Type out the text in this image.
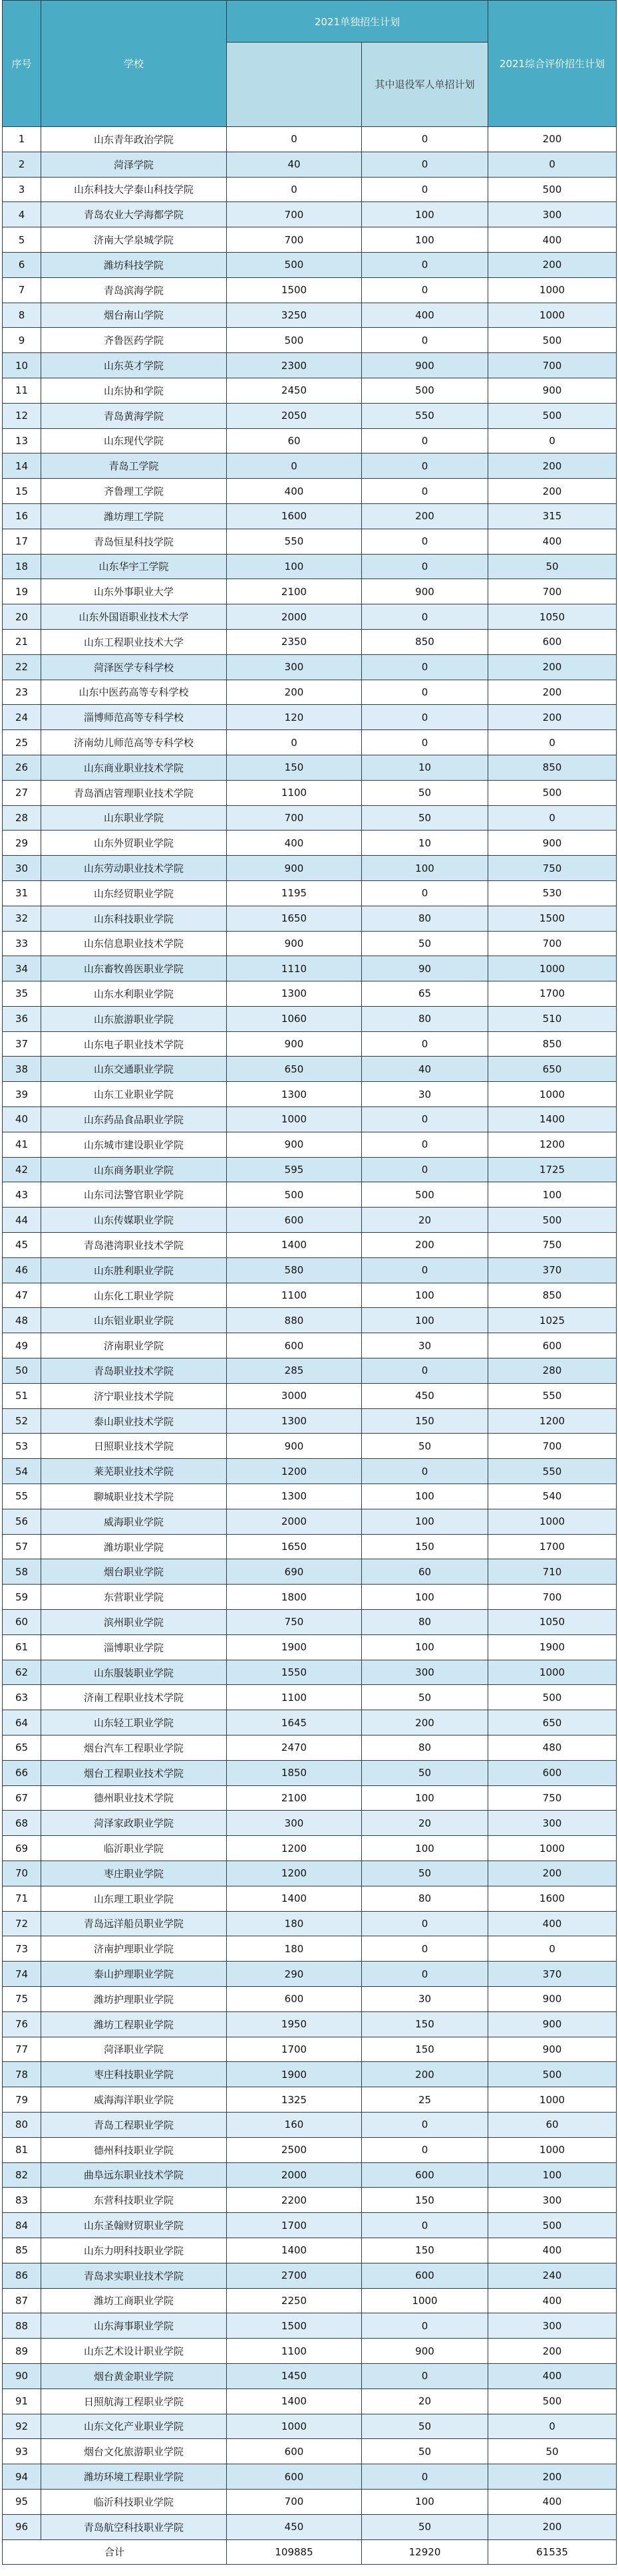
序号	学校	2021单独招生计划		2021综合评价招生计划
			其中退役军人单招计划	
1	山东青年政治学院	0	0	200
2	菏泽学院	40	0	0
3	山东科技大学泰山科技学院	0	0	500
4	青岛农业大学海都学院	700	100	300
5	济南大学泉城学院	700	100	400
6	潍坊科技学院	500	0	200
7	青岛滨海学院	1500	0	1000
8	烟台南山学院	3250	400	1000
9	齐鲁医药学院	500	0	500
10	山东英才学院	2300	900	700
11	山东协和学院	2450	500	900
12	青岛黄海学院	2050	550	500
13	山东现代学院	60	0	0
14	青岛工学院	0	0	200
15	齐鲁理工学院	400	0	200
16	潍坊理工学院	1600	200	315
17	青岛恒星科技学院	550	0	400
18	山东华宇工学院	100	0	50
19	山东外事职业大学	2100	900	700
20	山东外国语职业技术大学	2000	0	1050
21	山东工程职业技术大学	2350	850	600
22	菏泽医学专科学校	300	0	200
23	山东中医药高等专科学校	200	0	200
24	淄博师范高等专科学校	120	0	200
25	济南幼儿师范高等专科学校	0	0	0
26	山东商业职业技术学院	150	10	850
27	青岛酒店管理职业技术学院	1100	50	500
28	山东职业学院	700	50	0
29	山东外贸职业学院	400	10	900
30	山东劳动职业技术学院	900	100	750
31	山东经贸职业学院	1195	0	530
32	山东科技职业学院	1650	80	1500
33	山东信息职业技术学院	900	50	700
34	山东畜牧兽医职业学院	1110	90	1000
35	山东水利职业学院	1300	65	1700
36	山东旅游职业学院	1060	80	510
37	山东电子职业技术学院	900	0	850
38	山东交通职业学院	650	40	650
39	山东工业职业学院	1300	30	1000
40	山东药品食品职业学院	1000	0	1400
41	山东城市建设职业学院	900	0	1200
42	山东商务职业学院	595	0	1725
43	山东司法警官职业学院	500	500	100
44	山东传媒职业学院	600	20	500
45	青岛港湾职业技术学院	1400	200	750
46	山东胜利职业学院	580	0	370
47	山东化工职业学院	1100	100	850
48	山东铝业职业学院	880	100	1025
49	济南职业学院	600	30	600
50	青岛职业技术学院	285	0	280
51	济宁职业技术学院	3000	450	550
52	泰山职业技术学院	1300	150	1200
53	日照职业技术学院	900	50	700
54	莱芜职业技术学院	1200	0	550
55	聊城职业技术学院	1300	100	540
56	威海职业学院	2000	100	1000
57	潍坊职业学院	1650	150	1700
58	烟台职业学院	690	60	710
59	东营职业学院	1800	100	700
60	滨州职业学院	750	80	1050
61	淄博职业学院	1900	100	1900
62	山东服装职业学院	1550	300	1000
63	济南工程职业技术学院	1100	50	500
64	山东轻工职业学院	1645	200	650
65	烟台汽车工程职业学院	2470	80	480
66	烟台工程职业技术学院	1850	50	600
67	德州职业技术学院	2100	100	750
68	菏泽家政职业学院	300	20	300
69	临沂职业学院	1200	100	1000
70	枣庄职业学院	1200	50	200
71	山东理工职业学院	1400	80	1600
72	青岛远洋船员职业学院	180	0	400
73	济南护理职业学院	180	0	0
74	泰山护理职业学院	290	0	370
75	潍坊护理职业学院	600	30	900
76	潍坊工程职业学院	1950	150	900
77	菏泽职业学院	1700	150	900
78	枣庄科技职业学院	1900	200	500
79	威海海洋职业学院	1325	25	1000
80	青岛工程职业学院	160	0	60
81	德州科技职业学院	2500	0	1000
82	曲阜远东职业技术学院	2000	600	100
83	东营科技职业学院	2200	150	300
84	山东圣翰财贸职业学院	1700	0	500
85	山东力明科技职业学院	1400	150	400
86	青岛求实职业技术学院	2700	600	240
87	潍坊工商职业学院	2250	1000	400
88	山东海事职业学院	1500	0	300
89	山东艺术设计职业学院	1100	900	200
90	烟台黄金职业学院	1450	0	400
91	日照航海工程职业学院	1400	20	500
92	山东文化产业职业学院	1000	50	0
93	烟台文化旅游职业学院	600	50	50
94	潍坊环境工程职业学院	600	0	200
95	临沂科技职业学院	700	100	400
96	青岛航空科技职业学院	450	50	200
合计		109885	12920	61535
